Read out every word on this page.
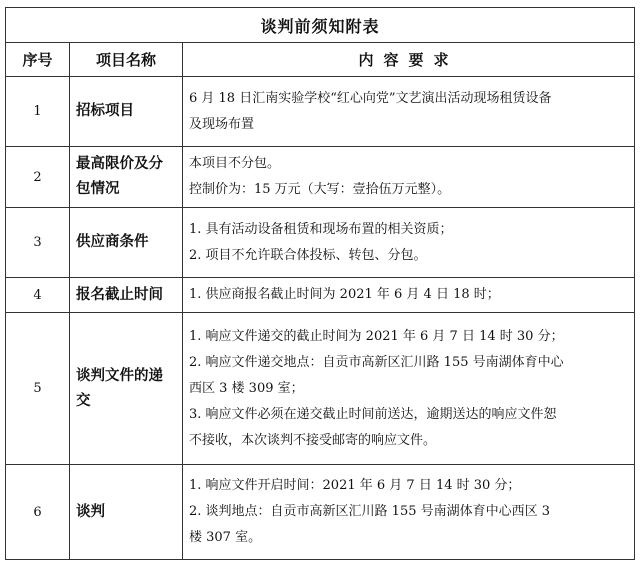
谈判前须知附表		
序号	项目名称	内容要求
1	招标项目	6 月 18 日汇南实验学校“红心向党”文艺演出活动现场租赁设备
及现场布置

2	最高限价及分包情况	本项目不分包。
控制价为：15 万元（大写：壹拾伍万元整）。

3	供应商条件	1. 具有活动设备租赁和现场布置的相关资质；
2. 项目不允许联合体投标、转包、分包。

4	报名截止时间	1. 供应商报名截止时间为 2021 年 6 月 4 日 18 时；

5	谈判文件的递交	1. 响应文件递交的截止时间为 2021 年 6 月 7 日 14 时 30 分；
2. 响应文件递交地点：自贡市高新区汇川路 155 号南湖体育中心
西区 3 楼 309 室；
3. 响应文件必须在递交截止时间前送达，逾期送达的响应文件恕
不接收，本次谈判不接受邮寄的响应文件。

6	谈判	1. 响应文件开启时间：2021 年 6 月 7 日 14 时 30 分；
2. 谈判地点：自贡市高新区汇川路 155 号南湖体育中心西区 3
楼 307 室。
